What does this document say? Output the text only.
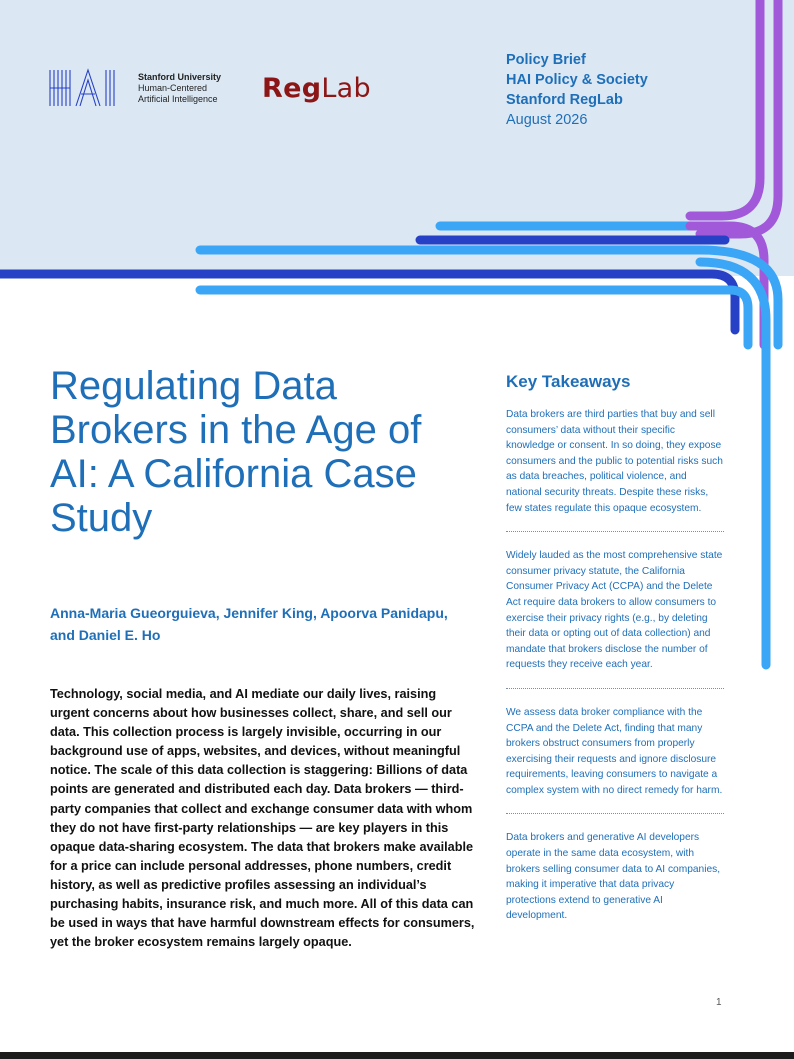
Stanford University
Human-Centered
Artificial Intelligence RegLab
Policy Brief
HAI Policy & Society
Stanford RegLab
August 2026
Regulating Data Brokers in the Age of AI: A California Case Study
Anna-Maria Gueorguieva, Jennifer King, Apoorva Panidapu, and Daniel E. Ho

Technology, social media, and AI mediate our daily lives, raising urgent concerns about how businesses collect, share, and sell our data. This collection process is largely invisible, occurring in our background use of apps, websites, and devices, without meaningful notice. The scale of this data collection is staggering: Billions of data points are generated and distributed each day. Data brokers — third-party companies that collect and exchange consumer data with whom they do not have first-party relationships — are key players in this opaque data-sharing ecosystem. The data that brokers make available for a price can include personal addresses, phone numbers, credit history, as well as predictive profiles assessing an individual’s purchasing habits, insurance risk, and much more. All of this data can be used in ways that have harmful downstream effects for consumers, yet the broker ecosystem remains largely opaque.

Key Takeaways

Data brokers are third parties that buy and sell consumers’ data without their specific knowledge or consent. In so doing, they expose consumers and the public to potential risks such as data breaches, political violence, and national security threats. Despite these risks, few states regulate this opaque ecosystem.

Widely lauded as the most comprehensive state consumer privacy statute, the California Consumer Privacy Act (CCPA) and the Delete Act require data brokers to allow consumers to exercise their privacy rights (e.g., by deleting their data or opting out of data collection) and mandate that brokers disclose the number of requests they receive each year.

We assess data broker compliance with the CCPA and the Delete Act, finding that many brokers obstruct consumers from properly exercising their requests and ignore disclosure requirements, leaving consumers to navigate a complex system with no direct remedy for harm.

Data brokers and generative AI developers operate in the same data ecosystem, with brokers selling consumer data to AI companies, making it imperative that data privacy protections extend to generative AI development.

1
